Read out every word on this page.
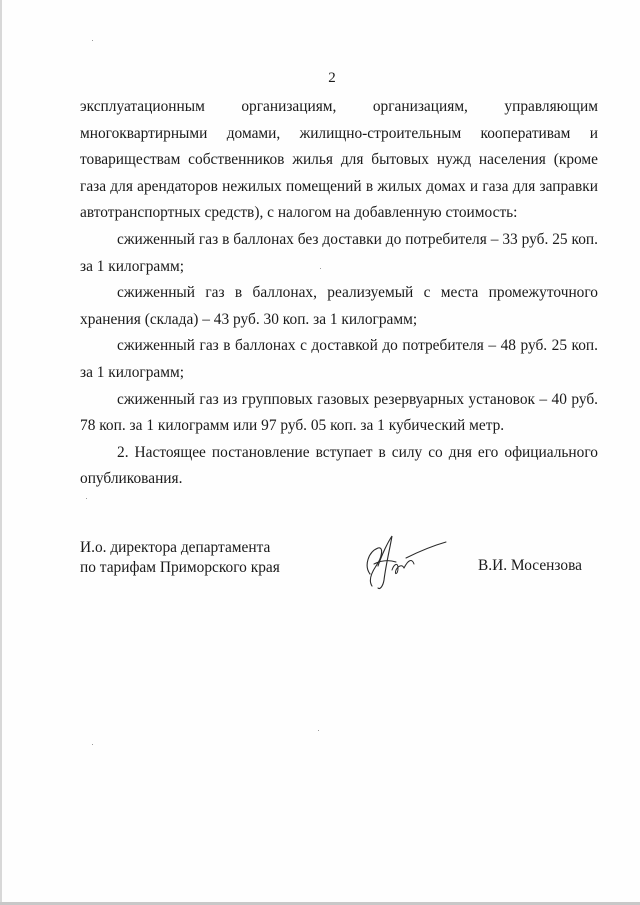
2

эксплуатационным организациям, организациям, управляющим многоквартирными домами, жилищно-строительным кооперативам и товариществам собственников жилья для бытовых нужд населения (кроме газа для арендаторов нежилых помещений в жилых домах и газа для заправки автотранспортных средств), с налогом на добавленную стоимость:

сжиженный газ в баллонах без доставки до потребителя – 33 руб. 25 коп. за 1 килограмм;

сжиженный газ в баллонах, реализуемый с места промежуточного хранения (склада) – 43 руб. 30 коп. за 1 килограмм;

сжиженный газ в баллонах с доставкой до потребителя – 48 руб. 25 коп. за 1 килограмм;

сжиженный газ из групповых газовых резервуарных установок – 40 руб. 78 коп. за 1 килограмм или 97 руб. 05 коп. за 1 кубический метр.

2. Настоящее постановление вступает в силу со дня его официального опубликования.

И.о. директора департамента
по тарифам Приморского края	В.И. Мосензова
